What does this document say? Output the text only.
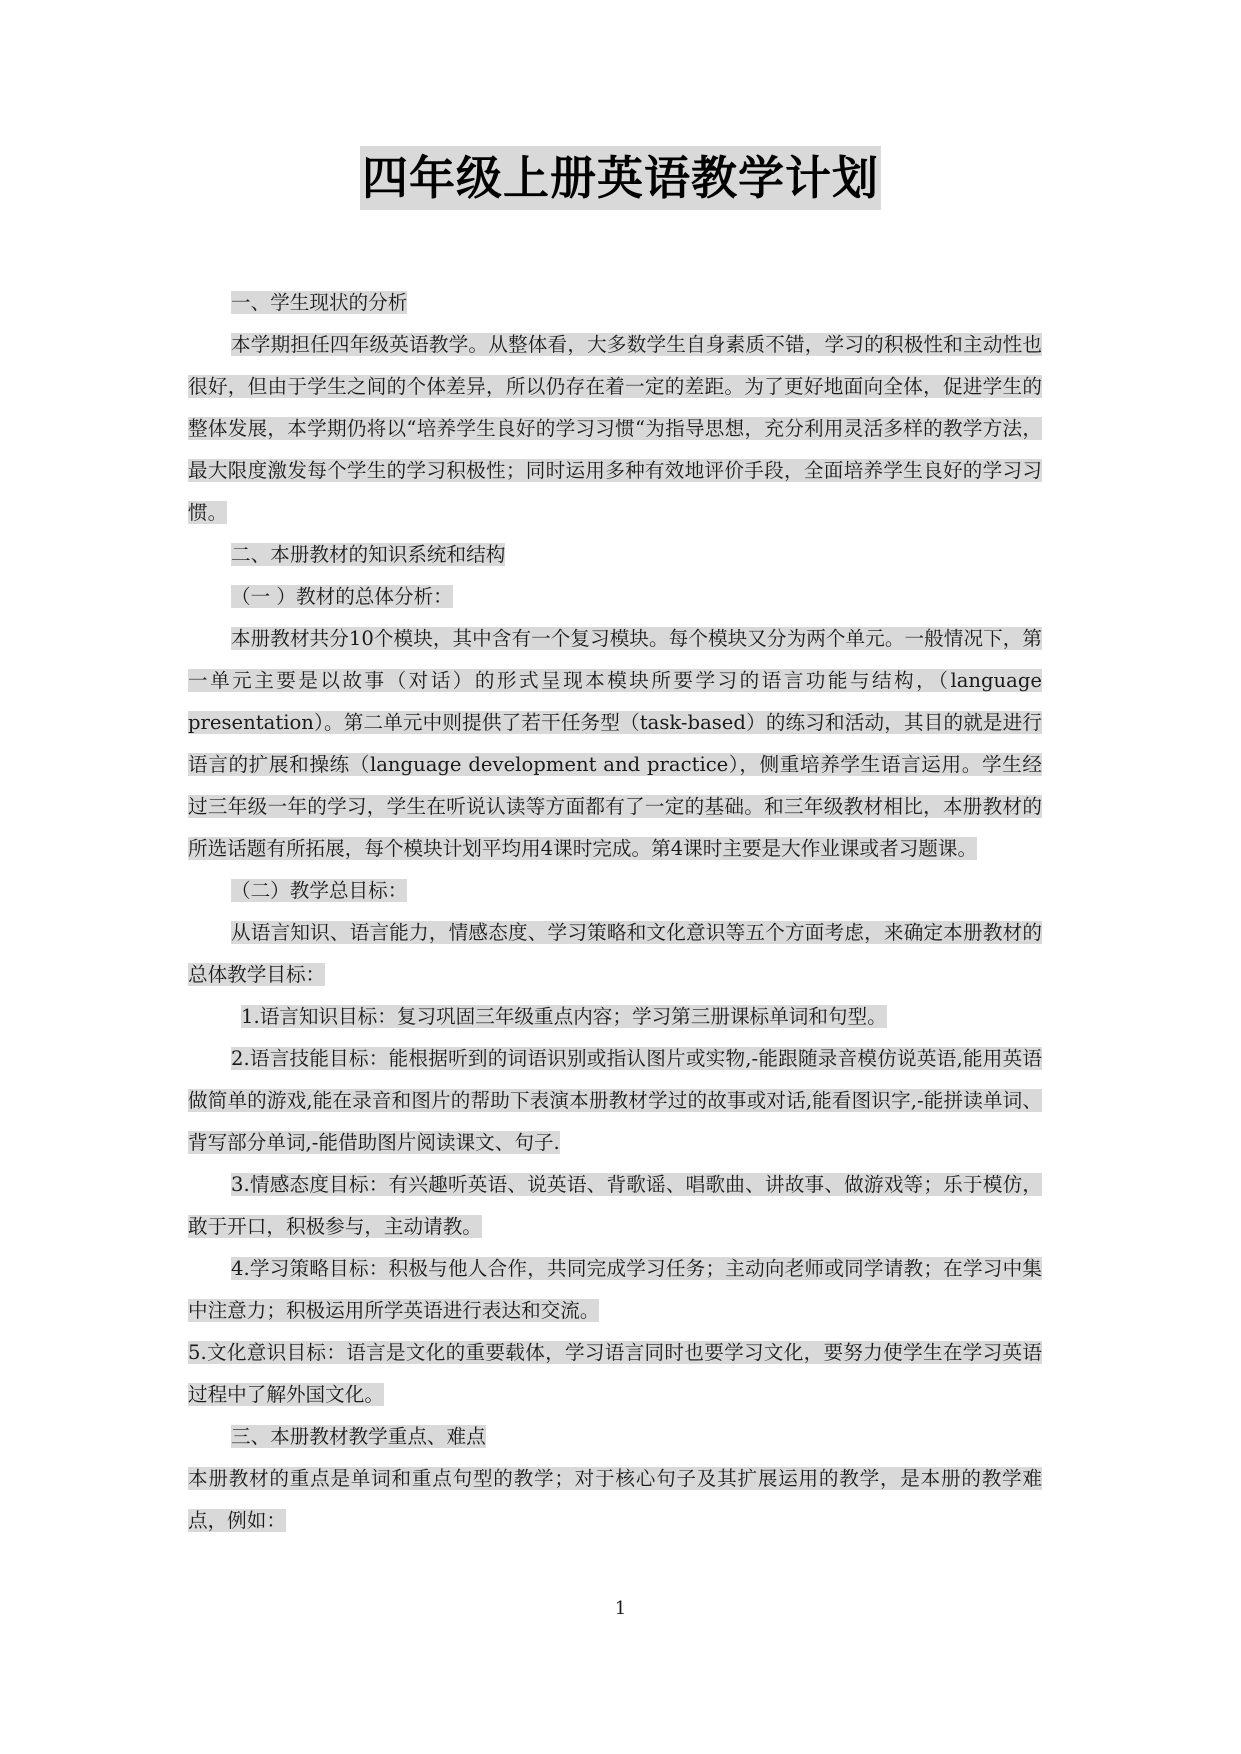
四年级上册英语教学计划

一、学生现状的分析

本学期担任四年级英语教学。从整体看，大多数学生自身素质不错，学习的积极性和主动性也很好，但由于学生之间的个体差异，所以仍存在着一定的差距。为了更好地面向全体，促进学生的整体发展，本学期仍将以“培养学生良好的学习习惯“为指导思想，充分利用灵活多样的教学方法，最大限度激发每个学生的学习积极性；同时运用多种有效地评价手段，全面培养学生良好的学习习惯。

二、本册教材的知识系统和结构

（一 ）教材的总体分析：

本册教材共分10个模块，其中含有一个复习模块。每个模块又分为两个单元。一般情况下，第一单元主要是以故事（对话）的形式呈现本模块所要学习的语言功能与结构，（language presentation）。第二单元中则提供了若干任务型（task-based）的练习和活动，其目的就是进行语言的扩展和操练（language development and practice），侧重培养学生语言运用。学生经过三年级一年的学习，学生在听说认读等方面都有了一定的基础。和三年级教材相比，本册教材的所选话题有所拓展，每个模块计划平均用4课时完成。第4课时主要是大作业课或者习题课。

（二）教学总目标：

从语言知识、语言能力，情感态度、学习策略和文化意识等五个方面考虑，来确定本册教材的总体教学目标：

1.语言知识目标：复习巩固三年级重点内容；学习第三册课标单词和句型。

2.语言技能目标：能根据听到的词语识别或指认图片或实物,-能跟随录音模仿说英语,能用英语做简单的游戏,能在录音和图片的帮助下表演本册教材学过的故事或对话,能看图识字,-能拼读单词、背写部分单词,-能借助图片阅读课文、句子.

3.情感态度目标：有兴趣听英语、说英语、背歌谣、唱歌曲、讲故事、做游戏等；乐于模仿，敢于开口，积极参与，主动请教。

4.学习策略目标：积极与他人合作，共同完成学习任务；主动向老师或同学请教；在学习中集中注意力；积极运用所学英语进行表达和交流。

5.文化意识目标：语言是文化的重要载体，学习语言同时也要学习文化，要努力使学生在学习英语过程中了解外国文化。

三、本册教材教学重点、难点

本册教材的重点是单词和重点句型的教学；对于核心句子及其扩展运用的教学，是本册的教学难点，例如：

1
